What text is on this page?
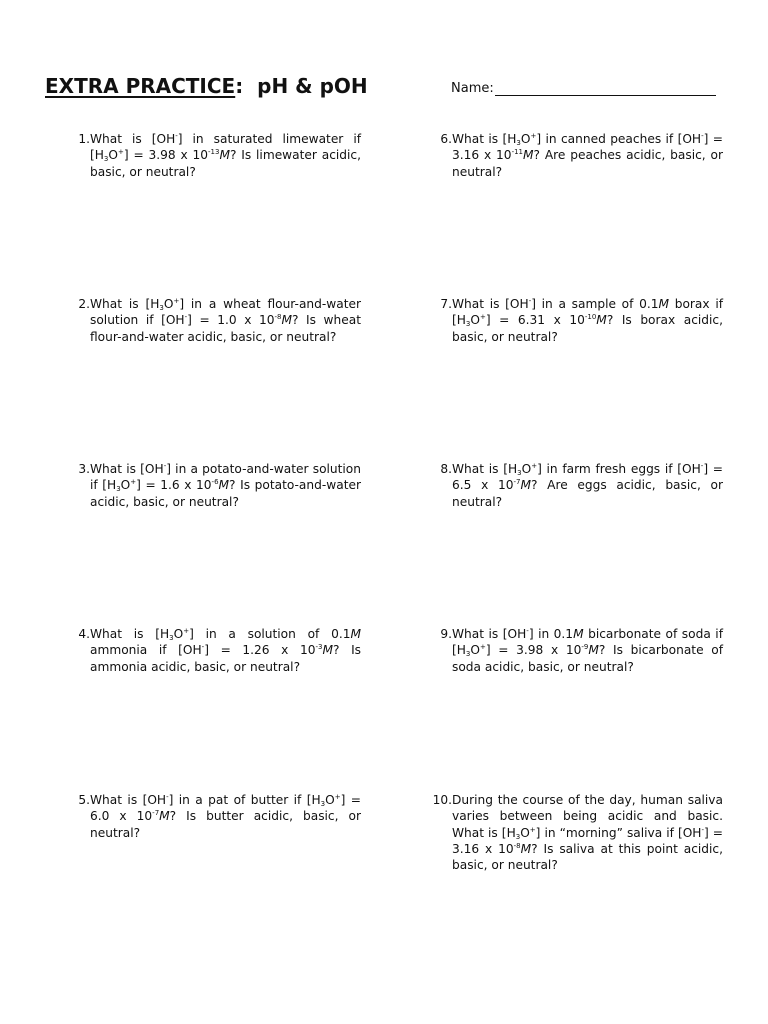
EXTRA PRACTICE: pH & pOH	Name:
1. What is [OH-] in saturated limewater if $[H_3O^+] = 3.98$ x $10^{-13}M$? Is limewater acidic, basic, or neutral?
2. What is $[H_3O^+]$ in a wheat flour-and-water solution if [OH-] = 1.0 x $10^{-8}M$? Is wheat flour-and-water acidic, basic, or neutral?
3. What is [OH-] in a potato-and-water solution if $[H_3O^+] = 1.6$ x $10^{-6}M$? Is potato-and-water acidic, basic, or neutral?
4. What is $[H_3O^+]$ in a solution of 0.1M ammonia if [OH-] = 1.26 x $10^{-3}M$? Is ammonia acidic, basic, or neutral?
5. What is [OH-] in a pat of butter if $[H_3O^+] = 6.0$ x $10^{-7}M$? Is butter acidic, basic, or neutral?
6. What is $[H_3O^+]$ in canned peaches if [OH-] = 3.16 x $10^{-11}M$? Are peaches acidic, basic, or neutral?
7. What is [OH-] in a sample of 0.1M borax if $[H_3O^+] = 6.31$ x $10^{-10}M$? Is borax acidic, basic, or neutral?
8. What is $[H_3O^+]$ in farm fresh eggs if [OH-] = 6.5 x $10^{-7}M$? Are eggs acidic, basic, or neutral?
9. What is [OH-] in 0.1M bicarbonate of soda if $[H_3O^+] = 3.98$ x $10^{-9}M$? Is bicarbonate of soda acidic, basic, or neutral?
10. During the course of the day, human saliva varies between being acidic and basic. What is $[H_3O^+]$ in “morning” saliva if [OH-] = 3.16 x $10^{-8}M$? Is saliva at this point acidic, basic, or neutral?
